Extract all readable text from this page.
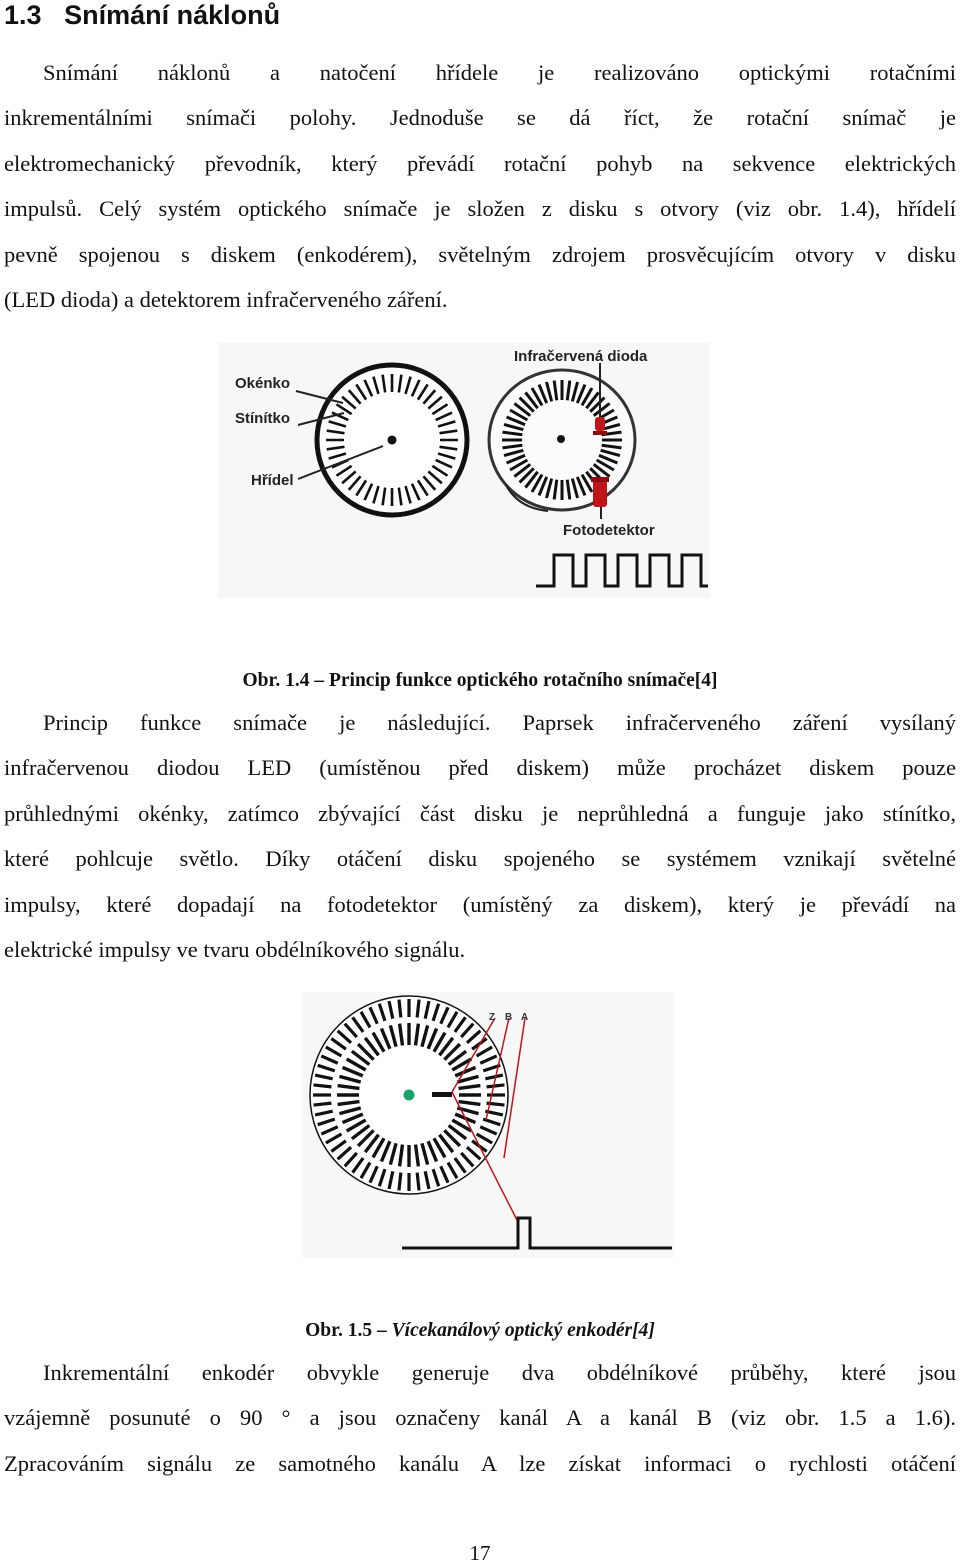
1.3 Snímání náklonů
Snímání náklonů a natočení hřídele je realizováno optickými rotačními
inkrementálními snímači polohy. Jednoduše se dá říct, že rotační snímač je
elektromechanický převodník, který převádí rotační pohyb na sekvence elektrických
impulsů. Celý systém optického snímače je složen z disku s otvory (viz obr. 1.4), hřídelí
pevně spojenou s diskem (enkodérem), světelným zdrojem prosvěcujícím otvory v disku
(LED dioda) a detektorem infračerveného záření.
Okénko
Stínítko
Hřídel
Infračervená dioda
Fotodetektor
Obr. 1.4 – Princip funkce optického rotačního snímače[4]
Princip funkce snímače je následující. Paprsek infračerveného záření vysílaný
infračervenou diodou LED (umístěnou před diskem) může procházet diskem pouze
průhlednými okénky, zatímco zbývající část disku je neprůhledná a funguje jako stínítko,
které pohlcuje světlo. Díky otáčení disku spojeného se systémem vznikají světelné
impulsy, které dopadají na fotodetektor (umístěný za diskem), který je převádí na
elektrické impulsy ve tvaru obdélníkového signálu.
Z B A
Obr. 1.5 – Vícekanálový optický enkodér[4]
Inkrementální enkodér obvykle generuje dva obdélníkové průběhy, které jsou
vzájemně posunuté o 90 ° a jsou označeny kanál A a kanál B (viz obr. 1.5 a 1.6).
Zpracováním signálu ze samotného kanálu A lze získat informaci o rychlosti otáčení
17
